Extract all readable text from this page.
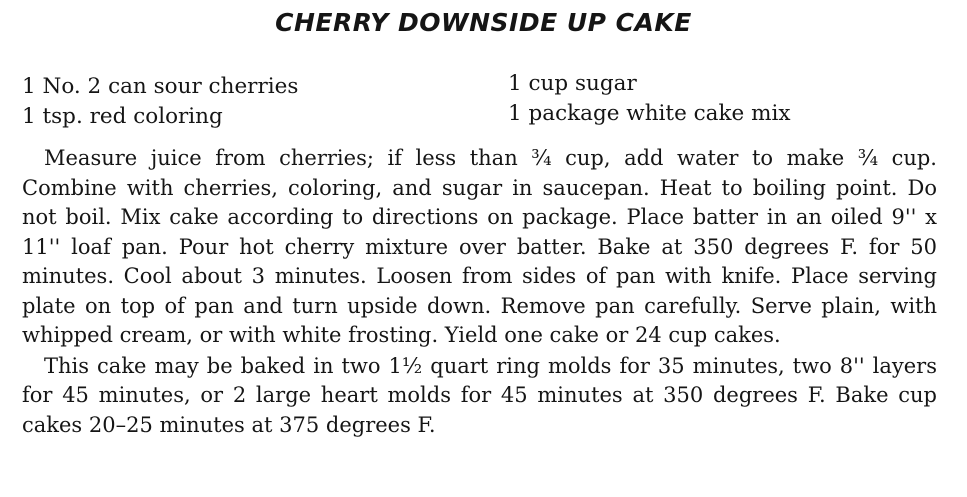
CHERRY DOWNSIDE UP CAKE
1 No. 2 can sour cherries
1 tsp. red coloring
1 cup sugar
1 package white cake mix

Measure juice from cherries; if less than ¾ cup, add water to make ¾ cup. Combine with cherries, coloring, and sugar in saucepan. Heat to boiling point. Do not boil. Mix cake according to directions on package. Place batter in an oiled 9'' x 11'' loaf pan. Pour hot cherry mixture over batter. Bake at 350 degrees F. for 50 minutes. Cool about 3 minutes. Loosen from sides of pan with knife. Place serving plate on top of pan and turn upside down. Remove pan carefully. Serve plain, with whipped cream, or with white frosting. Yield one cake or 24 cup cakes.

This cake may be baked in two 1½ quart ring molds for 35 minutes, two 8'' layers for 45 minutes, or 2 large heart molds for 45 minutes at 350 degrees F. Bake cup cakes 20–25 minutes at 375 degrees F.
